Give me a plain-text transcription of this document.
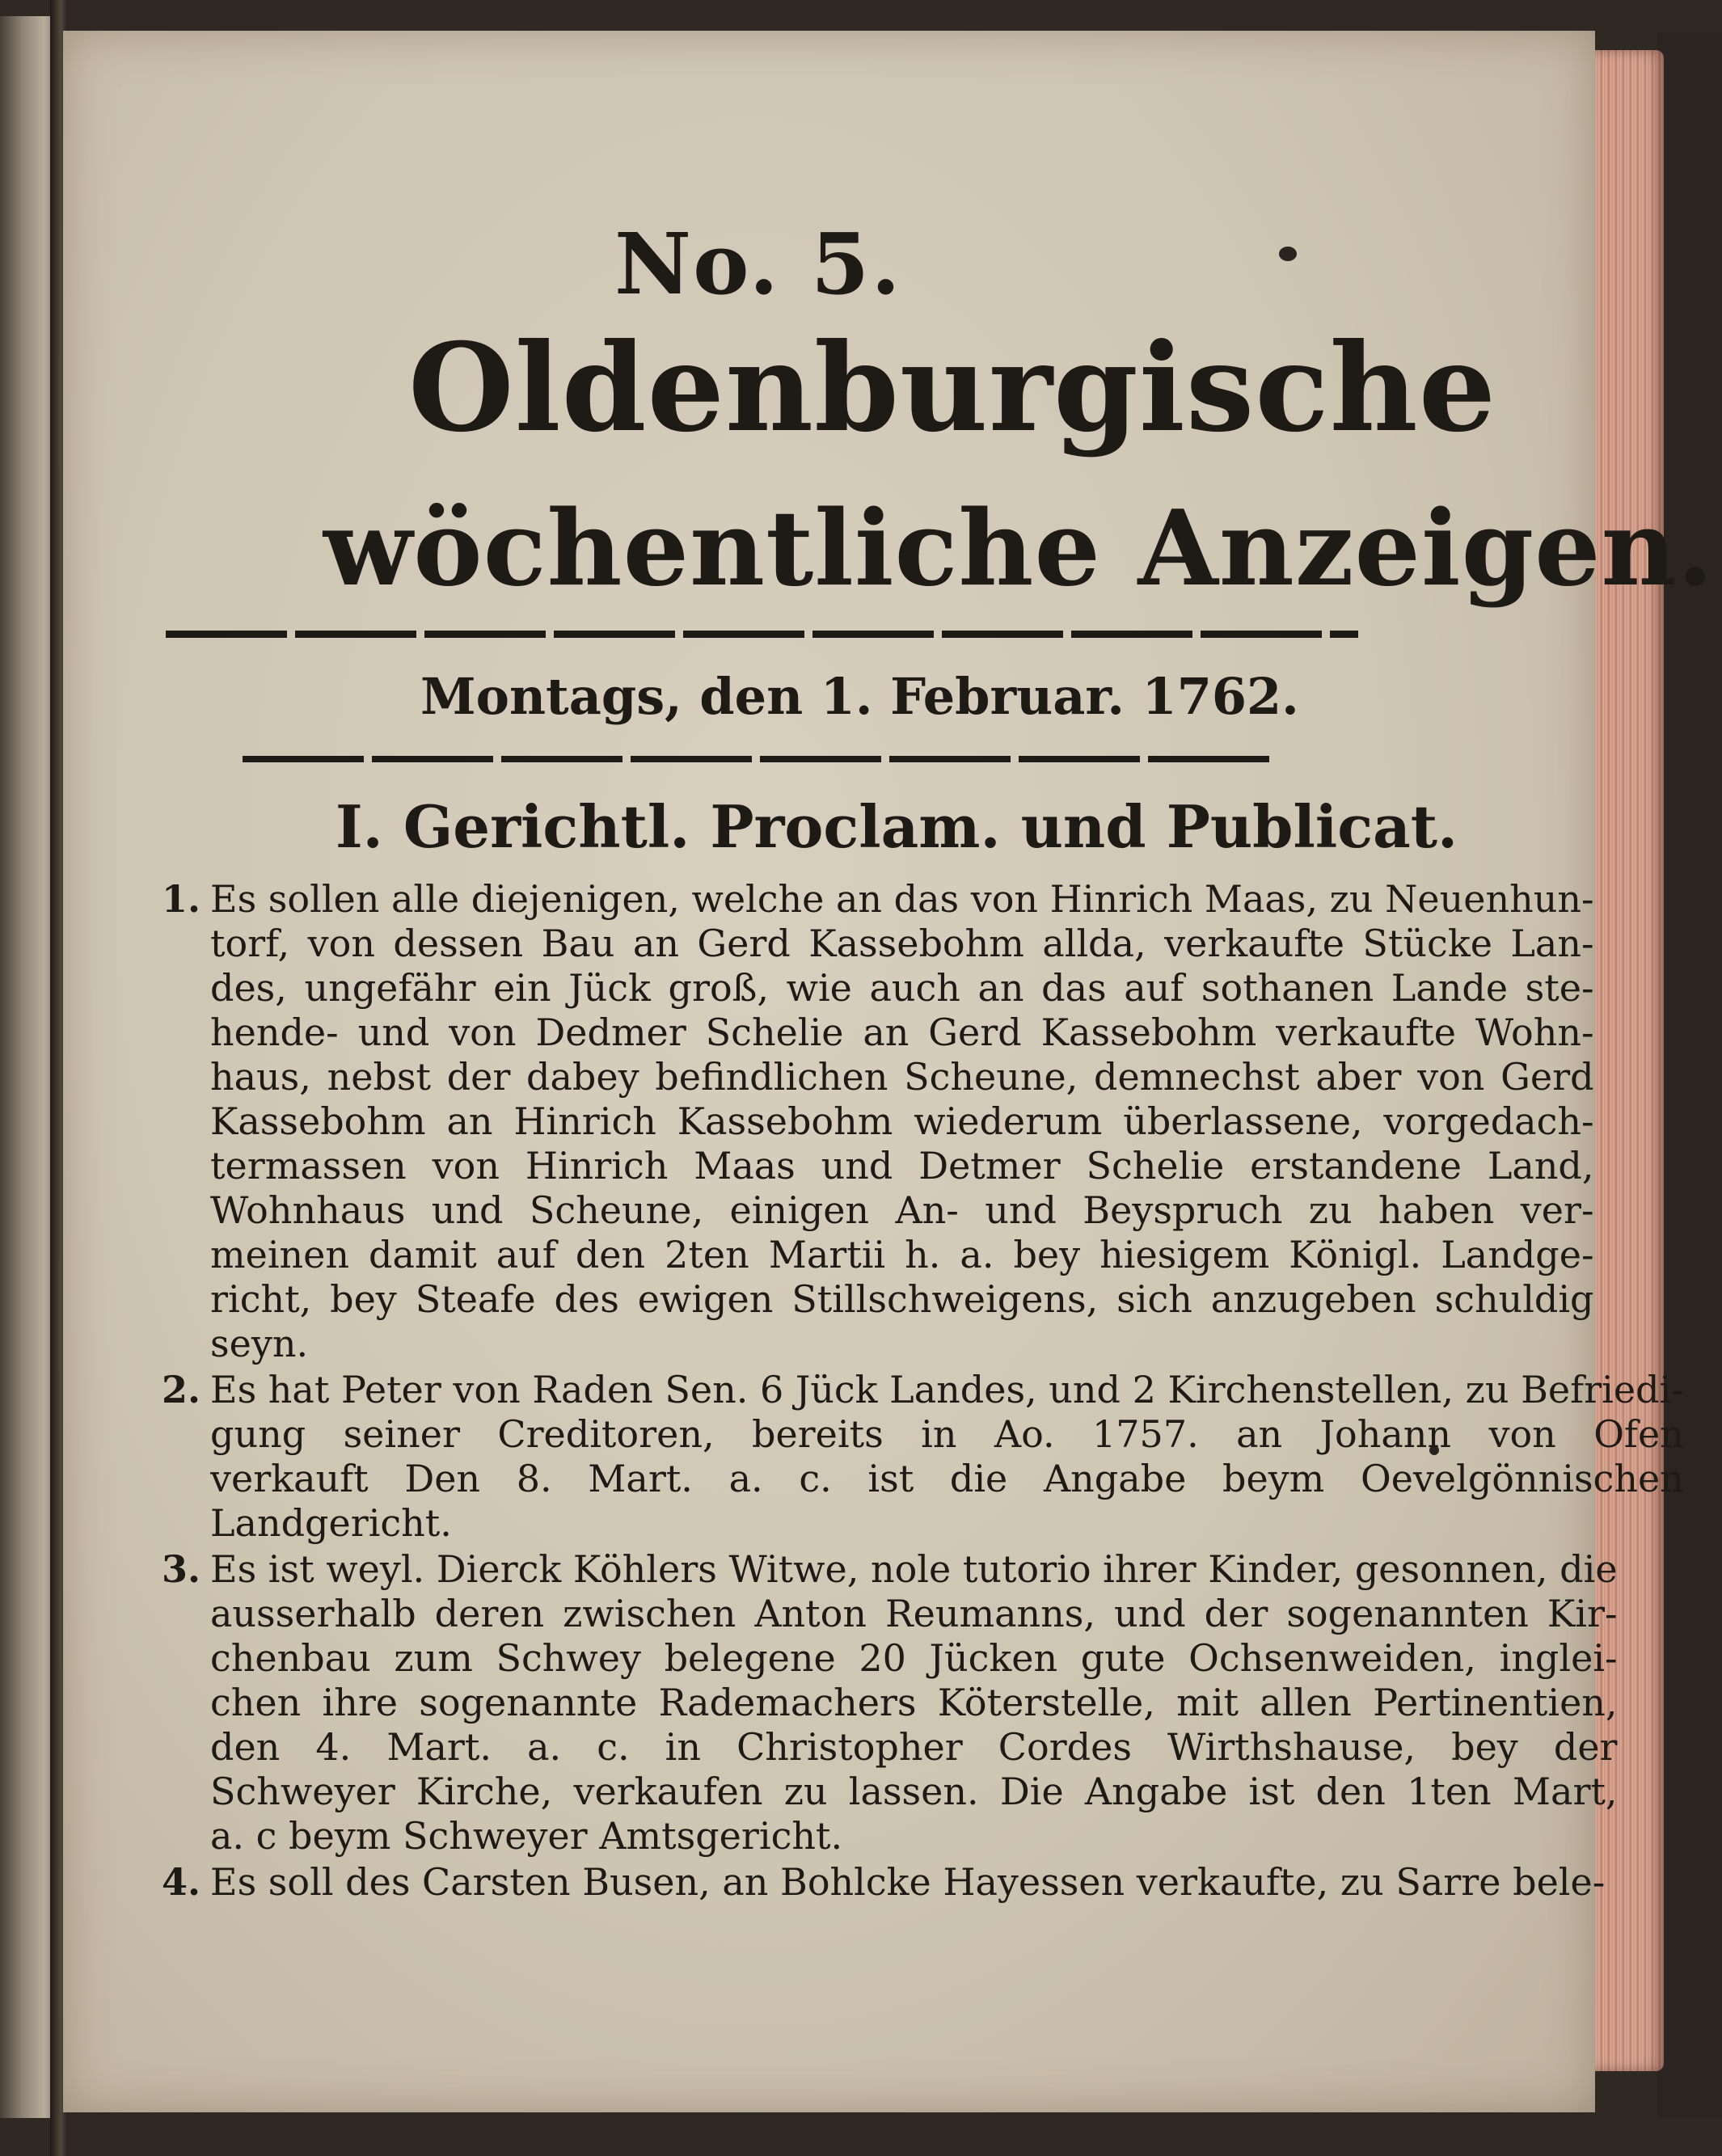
No. 5.
Oldenburgische
wöchentliche Anzeigen.
Montags, den 1. Februar. 1762.
I. Gerichtl. Proclam. und Publicat.
1. Es sollen alle diejenigen, welche an das von Hinrich Maas, zu Neuenhun-
torf, von dessen Bau an Gerd Kassebohm allda, verkaufte Stücke Lan-
des, ungefähr ein Jück groß, wie auch an das auf sothanen Lande ste-
hende- und von Dedmer Schelie an Gerd Kassebohm verkaufte Wohn-
haus, nebst der dabey befindlichen Scheune, demnechst aber von Gerd
Kassebohm an Hinrich Kassebohm wiederum überlassene, vorgedach-
termassen von Hinrich Maas und Detmer Schelie erstandene Land,
Wohnhaus und Scheune, einigen An- und Beyspruch zu haben ver-
meinen damit auf den 2ten Martii h. a. bey hiesigem Königl. Landge-
richt, bey Steafe des ewigen Stillschweigens, sich anzugeben schuldig
seyn.
2. Es hat Peter von Raden Sen. 6 Jück Landes, und 2 Kirchenstellen, zu Befriedi-
gung seiner Creditoren, bereits in Ao. 1757. an Johann von Ofen
verkauft Den 8. Mart. a. c. ist die Angabe beym Oevelgönnischen
Landgericht.
3. Es ist weyl. Dierck Köhlers Witwe, nole tutorio ihrer Kinder, gesonnen, die
ausserhalb deren zwischen Anton Reumanns, und der sogenannten Kir-
chenbau zum Schwey belegene 20 Jücken gute Ochsenweiden, inglei-
chen ihre sogenannte Rademachers Köterstelle, mit allen Pertinentien,
den 4. Mart. a. c. in Christopher Cordes Wirthshause, bey der
Schweyer Kirche, verkaufen zu lassen. Die Angabe ist den 1ten Mart,
a. c beym Schweyer Amtsgericht.
4. Es soll des Carsten Busen, an Bohlcke Hayessen verkaufte, zu Sarre bele-
